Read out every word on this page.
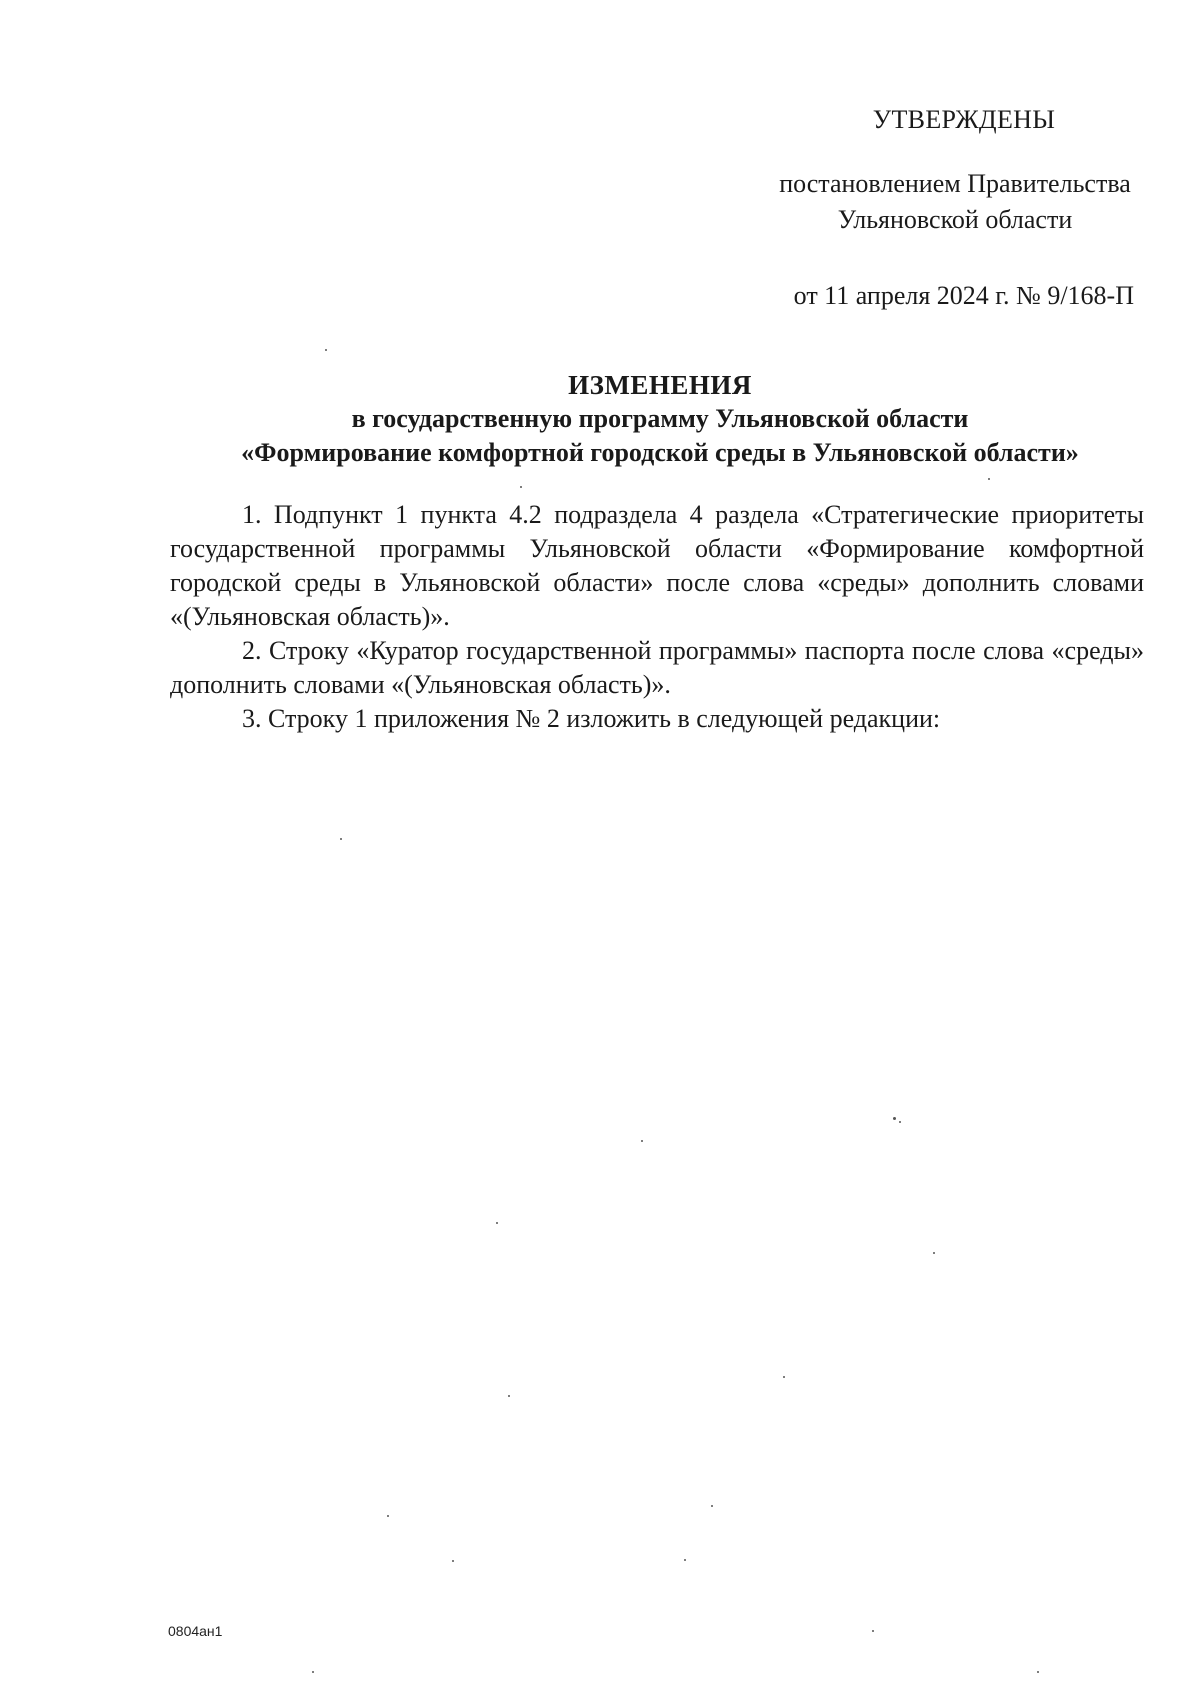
УТВЕРЖДЕНЫ

постановлением Правительства

Ульяновской области

от 11 апреля 2024 г. № 9/168-П

ИЗМЕНЕНИЯ

в государственную программу Ульяновской области

«Формирование комфортной городской среды в Ульяновской области»

1. Подпункт 1 пункта 4.2 подраздела 4 раздела «Стратегические приоритеты государственной программы Ульяновской области «Формирование комфортной городской среды в Ульяновской области» после слова «среды» дополнить словами «(Ульяновская область)».

2. Строку «Куратор государственной программы» паспорта после слова «среды» дополнить словами «(Ульяновская область)».

3. Строку 1 приложения № 2 изложить в следующей редакции:

0804ан1
